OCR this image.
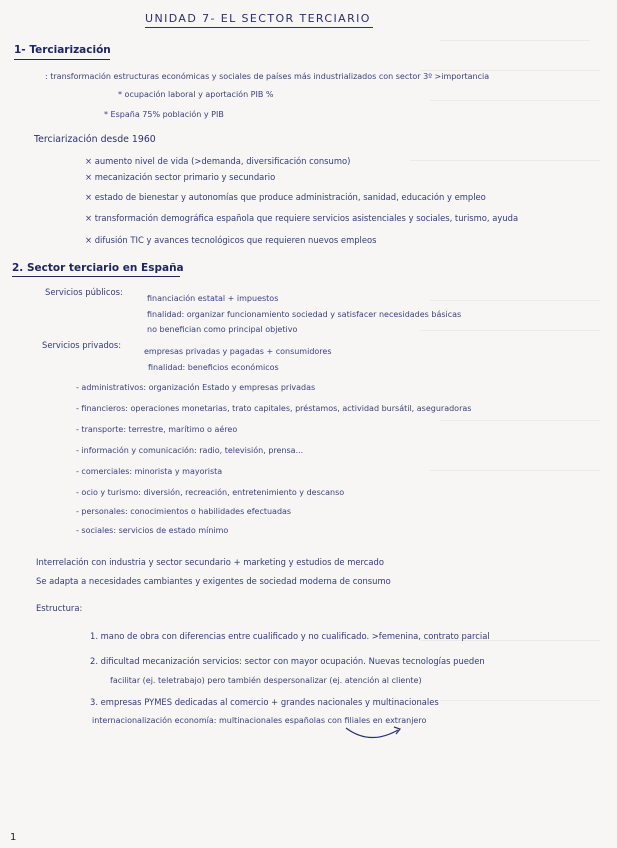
UNIDAD 7- EL SECTOR TERCIARIO
1- Terciarización
: transformación estructuras económicas y sociales de países más industrializados con sector 3º >importancia
* ocupación laboral y aportación PIB %
* España 75% población y PIB
Terciarización desde 1960
× aumento nivel de vida (>demanda, diversificación consumo)
× mecanización sector primario y secundario
× estado de bienestar y autonomías que produce administración, sanidad, educación y empleo
× transformación demográfica española que requiere servicios asistenciales y sociales, turismo, ayuda
× difusión TIC y avances tecnológicos que requieren nuevos empleos
2. Sector terciario en España
Servicios públicos:
financiación estatal + impuestos
finalidad: organizar funcionamiento sociedad y satisfacer necesidades básicas
no benefician como principal objetivo
Servicios privados:
empresas privadas y pagadas + consumidores
finalidad: beneficios económicos
- administrativos: organización Estado y empresas privadas
- financieros: operaciones monetarias, trato capitales, préstamos, actividad bursátil, aseguradoras
- transporte: terrestre, marítimo o aéreo
- información y comunicación: radio, televisión, prensa...
- comerciales: minorista y mayorista
- ocio y turismo: diversión, recreación, entretenimiento y descanso
- personales: conocimientos o habilidades efectuadas
- sociales: servicios de estado mínimo
Interrelación con industria y sector secundario + marketing y estudios de mercado
Se adapta a necesidades cambiantes y exigentes de sociedad moderna de consumo
Estructura:
1. mano de obra con diferencias entre cualificado y no cualificado. >femenina, contrato parcial
2. dificultad mecanización servicios: sector con mayor ocupación. Nuevas tecnologías pueden
facilitar (ej. teletrabajo) pero también despersonalizar (ej. atención al cliente)
3. empresas PYMES dedicadas al comercio + grandes nacionales y multinacionales
internacionalización economía: multinacionales españolas con filiales en extranjero
1
